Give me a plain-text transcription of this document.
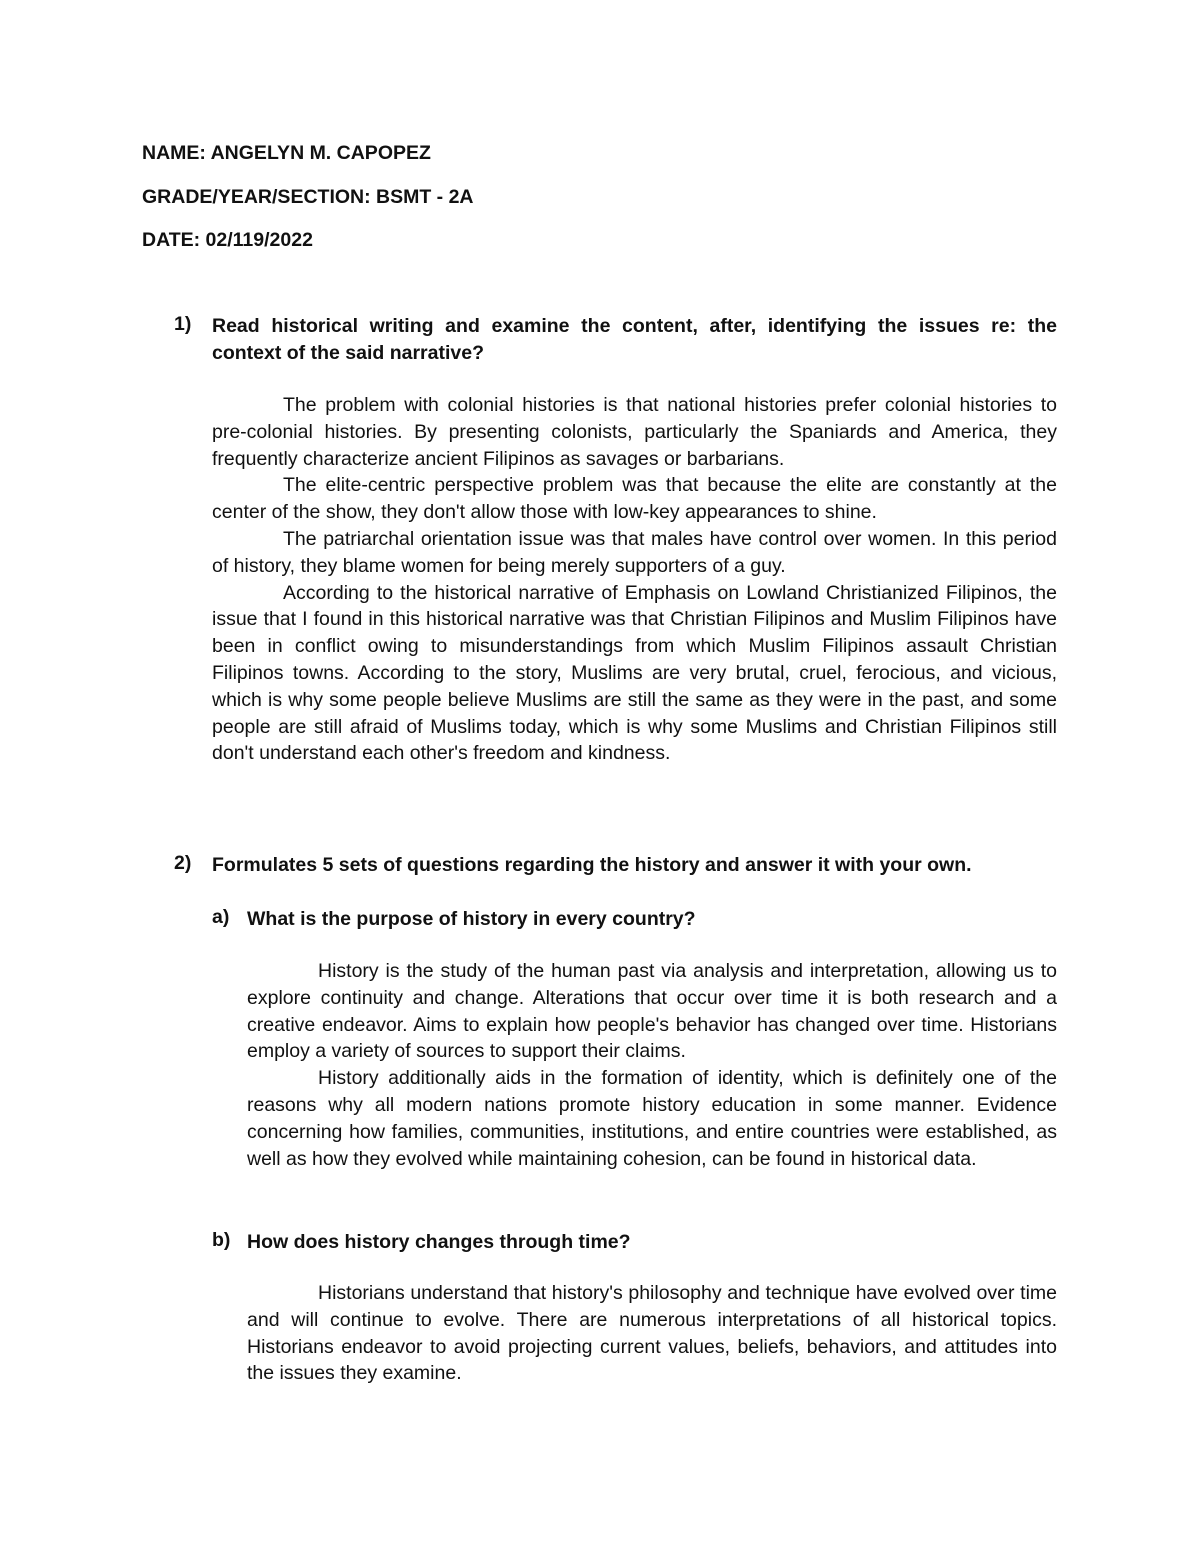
NAME: ANGELYN M. CAPOPEZ
GRADE/YEAR/SECTION: BSMT - 2A
DATE: 02/119/2022
1) Read historical writing and examine the content, after, identifying the issues re: the context of the said narrative?

The problem with colonial histories is that national histories prefer colonial histories to pre-colonial histories. By presenting colonists, particularly the Spaniards and America, they frequently characterize ancient Filipinos as savages or barbarians.

The elite-centric perspective problem was that because the elite are constantly at the center of the show, they don't allow those with low-key appearances to shine.

The patriarchal orientation issue was that males have control over women. In this period of history, they blame women for being merely supporters of a guy.

According to the historical narrative of Emphasis on Lowland Christianized Filipinos, the issue that I found in this historical narrative was that Christian Filipinos and Muslim Filipinos have been in conflict owing to misunderstandings from which Muslim Filipinos assault Christian Filipinos towns. According to the story, Muslims are very brutal, cruel, ferocious, and vicious, which is why some people believe Muslims are still the same as they were in the past, and some people are still afraid of Muslims today, which is why some Muslims and Christian Filipinos still don't understand each other's freedom and kindness.

2) Formulates 5 sets of questions regarding the history and answer it with your own.
a) What is the purpose of history in every country?

History is the study of the human past via analysis and interpretation, allowing us to explore continuity and change. Alterations that occur over time it is both research and a creative endeavor. Aims to explain how people's behavior has changed over time. Historians employ a variety of sources to support their claims.

History additionally aids in the formation of identity, which is definitely one of the reasons why all modern nations promote history education in some manner. Evidence concerning how families, communities, institutions, and entire countries were established, as well as how they evolved while maintaining cohesion, can be found in historical data.

b) How does history changes through time?

Historians understand that history's philosophy and technique have evolved over time and will continue to evolve. There are numerous interpretations of all historical topics. Historians endeavor to avoid projecting current values, beliefs, behaviors, and attitudes into the issues they examine.
